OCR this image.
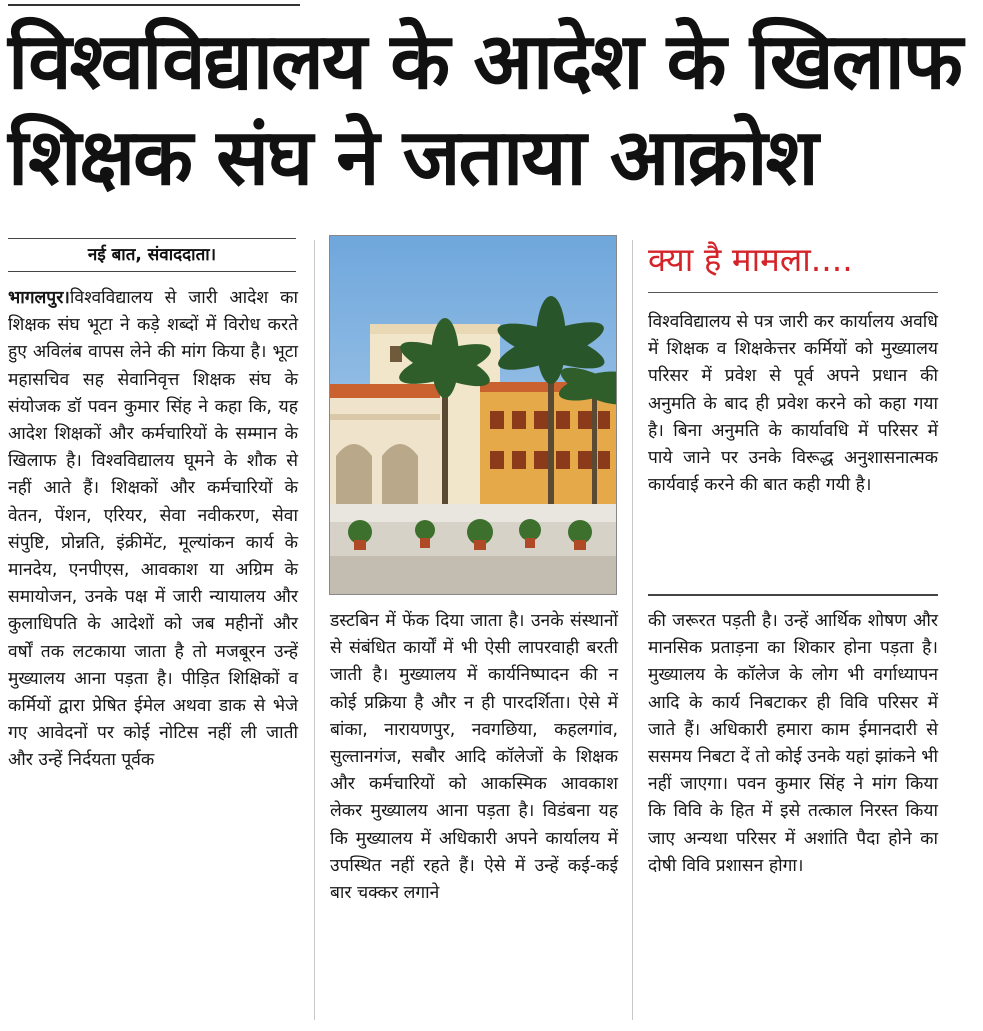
विश्वविद्यालय के आदेश के खिलाफ
शिक्षक संघ ने जताया आक्रोश
नई बात, संवाददाता।

भागलपुर।विश्वविद्यालय से जारी आदेश का शिक्षक संघ भूटा ने कड़े शब्दों में विरोध करते हुए अविलंब वापस लेने की मांग किया है। भूटा महासचिव सह सेवानिवृत्त शिक्षक संघ के संयोजक डॉ पवन कुमार सिंह ने कहा कि, यह आदेश शिक्षकों और कर्मचारियों के सम्मान के खिलाफ है। विश्वविद्यालय घूमने के शौक से नहीं आते हैं। शिक्षकों और कर्मचारियों के वेतन, पेंशन, एरियर, सेवा नवीकरण, सेवा संपुष्टि, प्रोन्नति, इंक्रीमेंट, मूल्यांकन कार्य के मानदेय, एनपीएस, आवकाश या अग्रिम के समायोजन, उनके पक्ष में जारी न्यायालय और कुलाधिपति के आदेशों को जब महीनों और वर्षों तक लटकाया जाता है तो मजबूरन उन्हें मुख्यालय आना पड़ता है। पीड़ित शिक्षिकों व कर्मियों द्वारा प्रेषित ईमेल अथवा डाक से भेजे गए आवेदनों पर कोई नोटिस नहीं ली जाती और उन्हें निर्दयता पूर्वक

डस्टबिन में फेंक दिया जाता है। उनके संस्थानों से संबंधित कार्यों में भी ऐसी लापरवाही बरती जाती है। मुख्यालय में कार्यनिष्पादन की न कोई प्रक्रिया है और न ही पारदर्शिता। ऐसे में बांका, नारायणपुर, नवगछिया, कहलगांव, सुल्तानगंज, सबौर आदि कॉलेजों के शिक्षक और कर्मचारियों को आकस्मिक आवकाश लेकर मुख्यालय आना पड़ता है। विडंबना यह कि मुख्यालय में अधिकारी अपने कार्यालय में उपस्थित नहीं रहते हैं। ऐसे में उन्हें कई-कई बार चक्कर लगाने

क्या है मामला....

विश्वविद्यालय से पत्र जारी कर कार्यालय अवधि में शिक्षक व शिक्षकेत्तर कर्मियों को मुख्यालय परिसर में प्रवेश से पूर्व अपने प्रधान की अनुमति के बाद ही प्रवेश करने को कहा गया है। बिना अनुमति के कार्यावधि में परिसर में पाये जाने पर उनके विरूद्ध अनुशासनात्मक कार्यवाई करने की बात कही गयी है।

की जरूरत पड़ती है। उन्हें आर्थिक शोषण और मानसिक प्रताड़ना का शिकार होना पड़ता है। मुख्यालय के कॉलेज के लोग भी वर्गाध्यापन आदि के कार्य निबटाकर ही विवि परिसर में जाते हैं। अधिकारी हमारा काम ईमानदारी से ससमय निबटा दें तो कोई उनके यहां झांकने भी नहीं जाएगा। पवन कुमार सिंह ने मांग किया कि विवि के हित में इसे तत्काल निरस्त किया जाए अन्यथा परिसर में अशांति पैदा होने का दोषी विवि प्रशासन होगा।
